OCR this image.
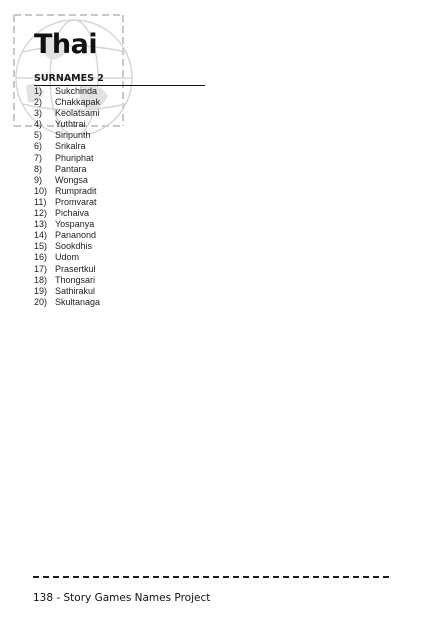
Thai
SURNAMES 2
1)	Sukchinda
2)	Chakkapak
3)	Keolatsami
4)	Yuthtrai
5)	Siripunth
6)	Srikalra
7)	Phuriphat
8)	Pantara
9)	Wongsa
10) Rumpradit
11) Promvarat
12) Pichaiva
13) Yospanya
14) Pananond
15) Sookdhis
16) Udom
17) Prasertkul
18) Thongsari
19) Sathirakul
20) Skultanaga

138 - Story Games Names Project
